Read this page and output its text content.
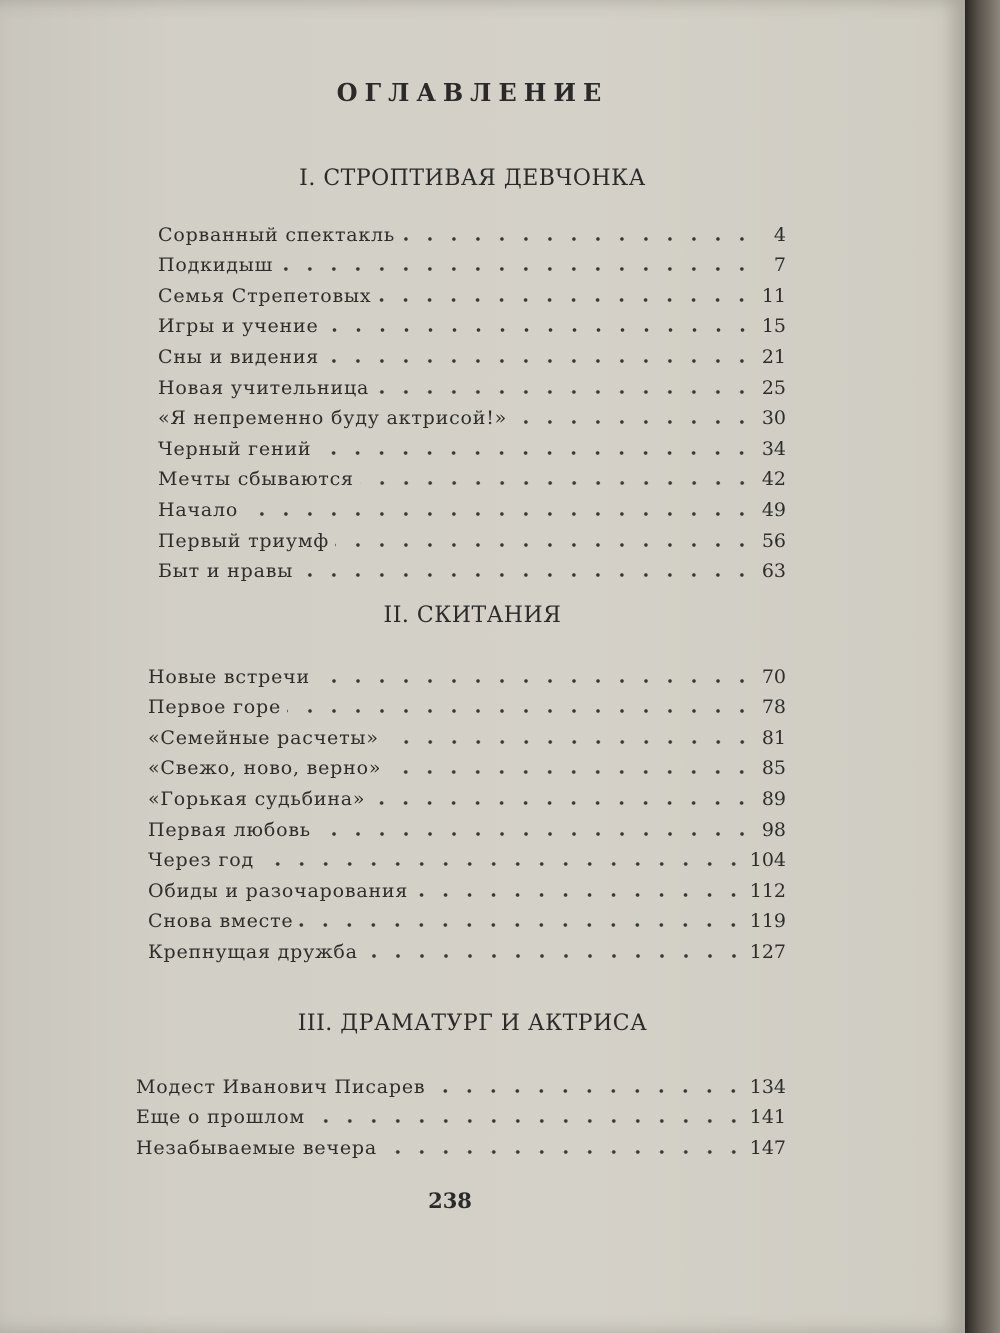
ОГЛАВЛЕНИЕ
I. СТРОПТИВАЯ ДЕВЧОНКА
Сорванный спектакль	4
Подкидыш	7
Семья Стрепетовых	11
Игры и учение	15
Сны и видения	21
Новая учительница	25
«Я непременно буду актрисой!»	30
Черный гений	34
Мечты сбываются	42
Начало	49
Первый триумф	56
Быт и нравы	63
II. СКИТАНИЯ
Новые встречи	70
Первое горе	78
«Семейные расчеты»	81
«Свежо, ново, верно»	85
«Горькая судьбина»	89
Первая любовь	98
Через год	104
Обиды и разочарования	112
Снова вместе	119
Крепнущая дружба	127
III. ДРАМАТУРГ И АКТРИСА
Модест Иванович Писарев	134
Еще о прошлом	141
Незабываемые вечера	147
238
